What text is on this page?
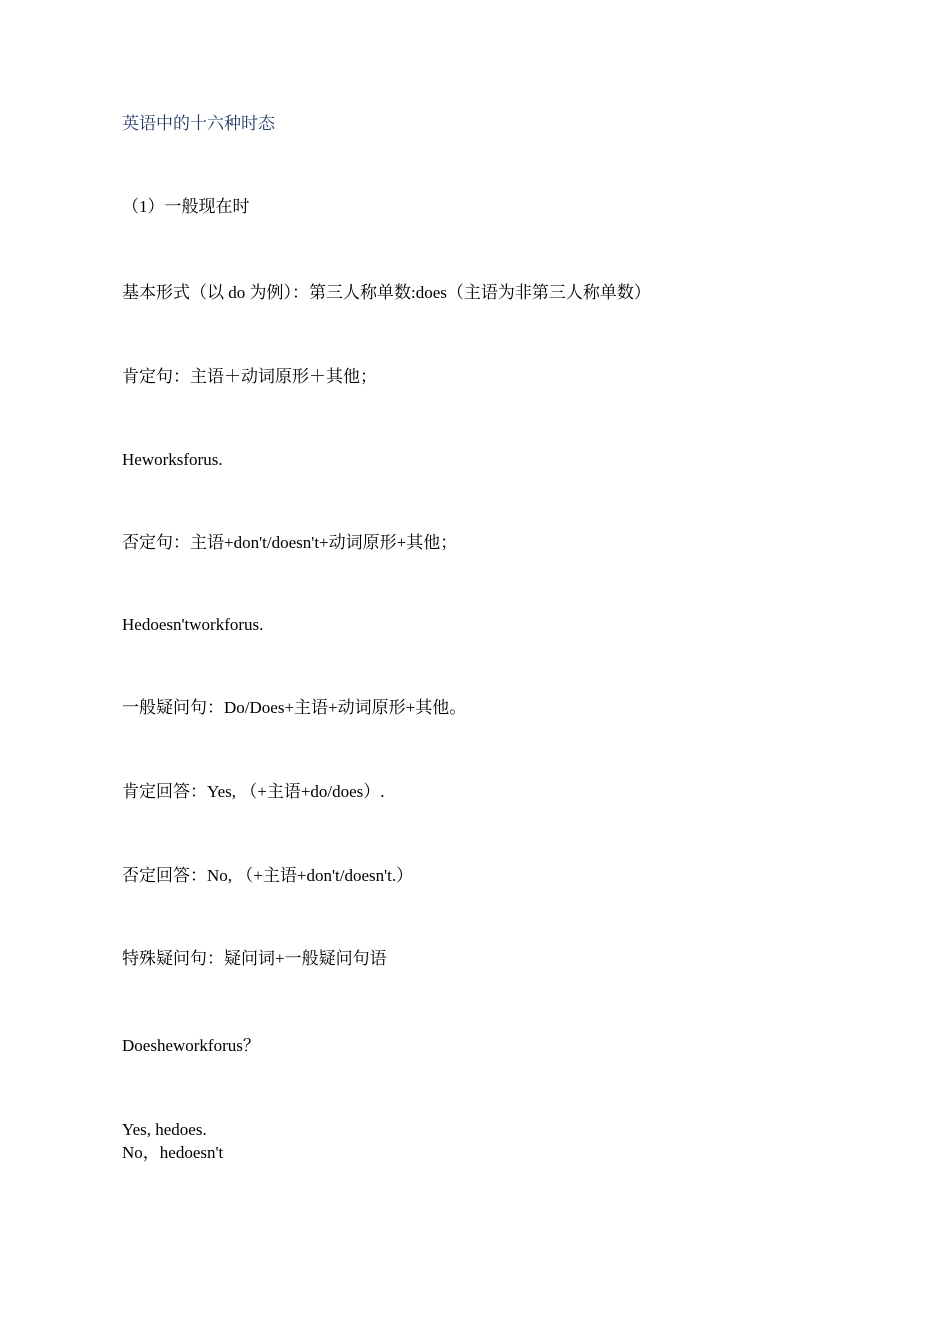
英语中的十六种时态

（1）一般现在时

基本形式（以 do 为例）：第三人称单数:does（主语为非第三人称单数）

肯定句：主语＋动词原形＋其他；

Heworksforus.

否定句：主语+don't/doesn't+动词原形+其他；

Hedoesn'tworkforus.

一般疑问句：Do/Does+主语+动词原形+其他。

肯定回答：Yes, （+主语+do/does）.

否定回答：No, （+主语+don't/doesn't.）

特殊疑问句：疑问词+一般疑问句语

Doesheworkforus？

Yes, hedoes.

No，hedoesn't
